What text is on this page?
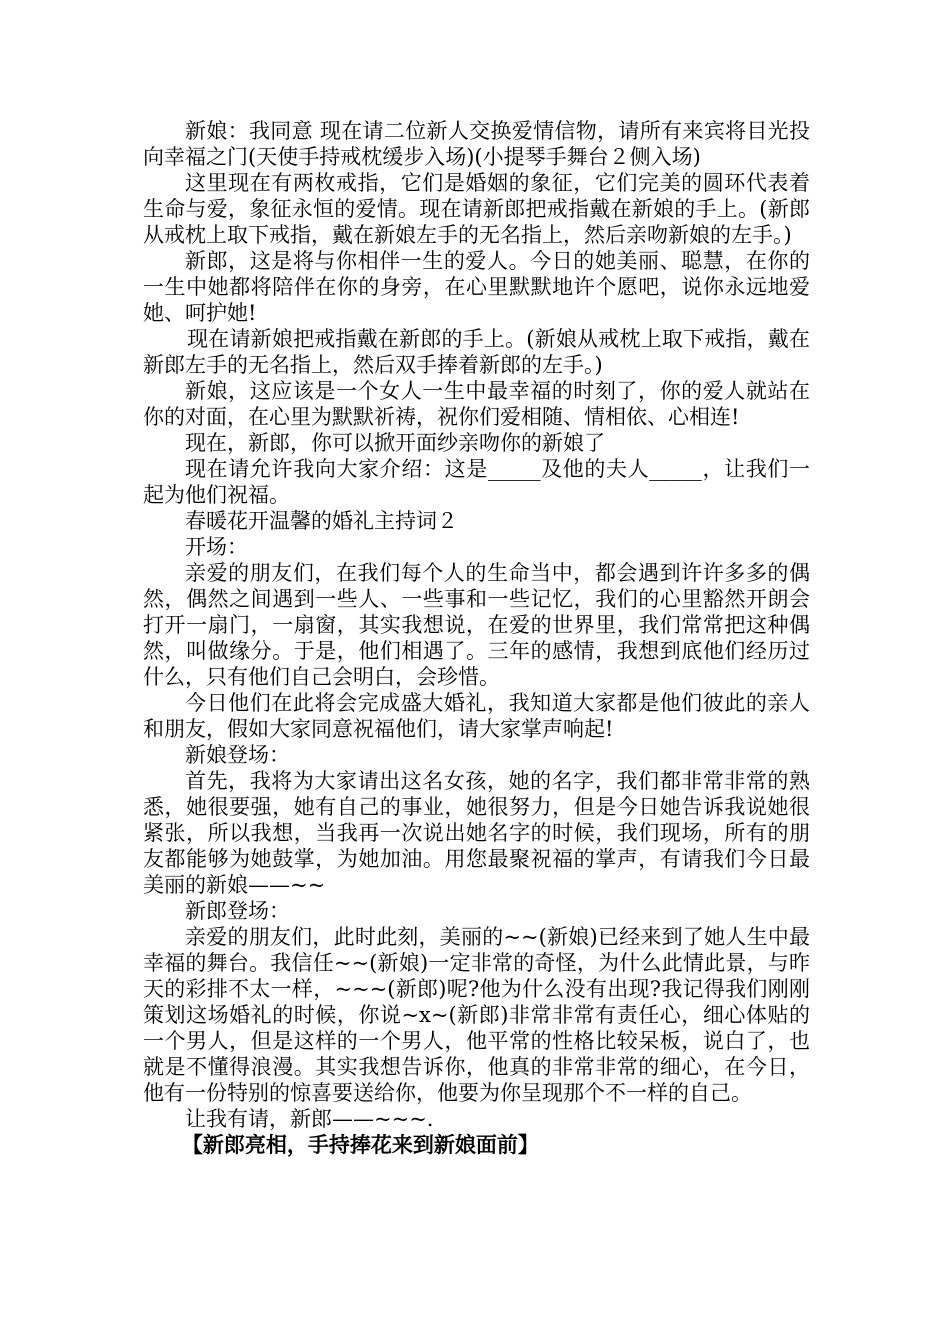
新娘：我同意 现在请二位新人交换爱情信物，请所有来宾将目光投向幸福之门(天使手持戒枕缓步入场)(小提琴手舞台２侧入场)

这里现在有两枚戒指，它们是婚姻的象征，它们完美的圆环代表着生命与爱，象征永恒的爱情。现在请新郎把戒指戴在新娘的手上。(新郎从戒枕上取下戒指，戴在新娘左手的无名指上，然后亲吻新娘的左手。)

新郎，这是将与你相伴一生的爱人。今日的她美丽、聪慧，在你的一生中她都将陪伴在你的身旁，在心里默默地许个愿吧，说你永远地爱她、呵护她!

现在请新娘把戒指戴在新郎的手上。(新娘从戒枕上取下戒指，戴在新郎左手的无名指上，然后双手捧着新郎的左手。)

新娘，这应该是一个女人一生中最幸福的时刻了，你的爱人就站在你的对面，在心里为默默祈祷，祝你们爱相随、情相依、心相连!

现在，新郎，你可以掀开面纱亲吻你的新娘了

现在请允许我向大家介绍：这是_____及他的夫人_____，让我们一起为他们祝福。

春暖花开温馨的婚礼主持词２

开场：

亲爱的朋友们，在我们每个人的生命当中，都会遇到许许多多的偶然，偶然之间遇到一些人、一些事和一些记忆，我们的心里豁然开朗会打开一扇门，一扇窗，其实我想说，在爱的世界里，我们常常把这种偶然，叫做缘分。于是，他们相遇了。三年的感情，我想到底他们经历过什么，只有他们自己会明白，会珍惜。

今日他们在此将会完成盛大婚礼，我知道大家都是他们彼此的亲人和朋友，假如大家同意祝福他们，请大家掌声响起!

新娘登场：

首先，我将为大家请出这名女孩，她的名字，我们都非常非常的熟悉，她很要强，她有自己的事业，她很努力，但是今日她告诉我说她很紧张，所以我想，当我再一次说出她名字的时候，我们现场，所有的朋友都能够为她鼓掌，为她加油。用您最聚祝福的掌声，有请我们今日最美丽的新娘——~~

新郎登场：

亲爱的朋友们，此时此刻，美丽的~~(新娘)已经来到了她人生中最幸福的舞台。我信任~~(新娘)一定非常的奇怪，为什么此情此景，与昨天的彩排不太一样，~~~(新郎)呢?他为什么没有出现?我记得我们刚刚策划这场婚礼的时候，你说~x~(新郎)非常非常有责任心，细心体贴的一个男人，但是这样的一个男人，他平常的性格比较呆板，说白了，也就是不懂得浪漫。其实我想告诉你，他真的非常非常的细心，在今日，他有一份特别的惊喜要送给你，他要为你呈现那个不一样的自己。

让我有请，新郎——~~~.

【新郎亮相，手持捧花来到新娘面前】
